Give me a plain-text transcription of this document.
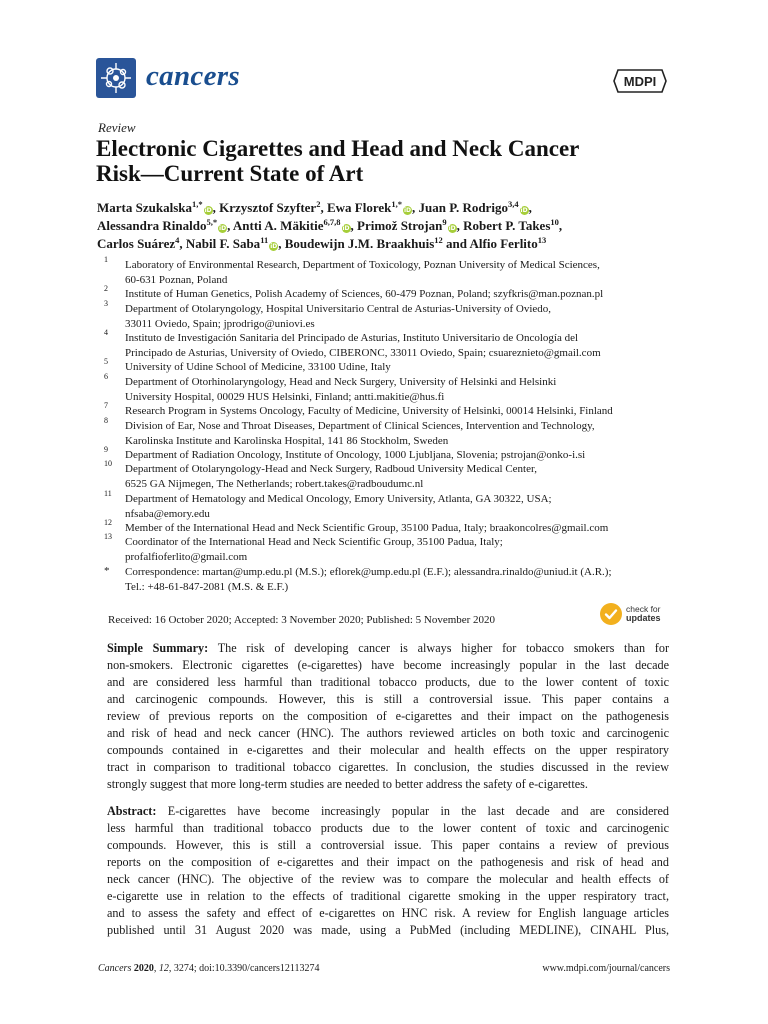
cancers	MDPI
Review
Electronic Cigarettes and Head and Neck Cancer
Risk—Current State of Art
Marta Szukalska$^{1,*}$iD, Krzysztof Szyfter$^2$, Ewa Florek$^{1,*}$iD, Juan P. Rodrigo$^{3,4}$iD,
Alessandra Rinaldo$^{5,*}$iD, Antti A. Mäkitie$^{6,7,8}$iD, Primož Strojan$^9$iD, Robert P. Takes$^{10}$,
Carlos Suárez$^4$, Nabil F. Saba$^{11}$iD, Boudewijn J.M. Braakhuis$^{12}$ and Alfio Ferlito$^{13}$
1 Laboratory of Environmental Research, Department of Toxicology, Poznan University of Medical Sciences,
60-631 Poznan, Poland
2 Institute of Human Genetics, Polish Academy of Sciences, 60-479 Poznan, Poland; szyfkris@man.poznan.pl
3 Department of Otolaryngology, Hospital Universitario Central de Asturias-University of Oviedo,
33011 Oviedo, Spain; jprodrigo@uniovi.es
4 Instituto de Investigación Sanitaria del Principado de Asturias, Instituto Universitario de Oncología del
Principado de Asturias, University of Oviedo, CIBERONC, 33011 Oviedo, Spain; csuareznieto@gmail.com
5 University of Udine School of Medicine, 33100 Udine, Italy
6 Department of Otorhinolaryngology, Head and Neck Surgery, University of Helsinki and Helsinki
University Hospital, 00029 HUS Helsinki, Finland; antti.makitie@hus.fi
7 Research Program in Systems Oncology, Faculty of Medicine, University of Helsinki, 00014 Helsinki, Finland
8 Division of Ear, Nose and Throat Diseases, Department of Clinical Sciences, Intervention and Technology,
Karolinska Institute and Karolinska Hospital, 141 86 Stockholm, Sweden
9 Department of Radiation Oncology, Institute of Oncology, 1000 Ljubljana, Slovenia; pstrojan@onko-i.si
10 Department of Otolaryngology-Head and Neck Surgery, Radboud University Medical Center,
6525 GA Nijmegen, The Netherlands; robert.takes@radboudumc.nl
11 Department of Hematology and Medical Oncology, Emory University, Atlanta, GA 30322, USA;
nfsaba@emory.edu
12 Member of the International Head and Neck Scientific Group, 35100 Padua, Italy; braakoncolres@gmail.com
13 Coordinator of the International Head and Neck Scientific Group, 35100 Padua, Italy;
profalfioferlito@gmail.com
* Correspondence: martan@ump.edu.pl (M.S.); eflorek@ump.edu.pl (E.F.); alessandra.rinaldo@uniud.it (A.R.);
Tel.: +48-61-847-2081 (M.S. & E.F.)
Received: 16 October 2020; Accepted: 3 November 2020; Published: 5 November 2020
check for
updates
Simple Summary: The risk of developing cancer is always higher for tobacco smokers than for
non-smokers. Electronic cigarettes (e-cigarettes) have become increasingly popular in the last decade
and are considered less harmful than traditional tobacco products, due to the lower content of toxic
and carcinogenic compounds. However, this is still a controversial issue. This paper contains a
review of previous reports on the composition of e-cigarettes and their impact on the pathogenesis
and risk of head and neck cancer (HNC). The authors reviewed articles on both toxic and carcinogenic
compounds contained in e-cigarettes and their molecular and health effects on the upper respiratory
tract in comparison to traditional tobacco cigarettes. In conclusion, the studies discussed in the review
strongly suggest that more long-term studies are needed to better address the safety of e-cigarettes.
Abstract: E-cigarettes have become increasingly popular in the last decade and are considered
less harmful than traditional tobacco products due to the lower content of toxic and carcinogenic
compounds. However, this is still a controversial issue. This paper contains a review of previous
reports on the composition of e-cigarettes and their impact on the pathogenesis and risk of head and
neck cancer (HNC). The objective of the review was to compare the molecular and health effects of
e-cigarette use in relation to the effects of traditional cigarette smoking in the upper respiratory tract,
and to assess the safety and effect of e-cigarettes on HNC risk. A review for English language articles
published until 31 August 2020 was made, using a PubMed (including MEDLINE), CINAHL Plus,
Cancers 2020, 12, 3274; doi:10.3390/cancers12113274	www.mdpi.com/journal/cancers
